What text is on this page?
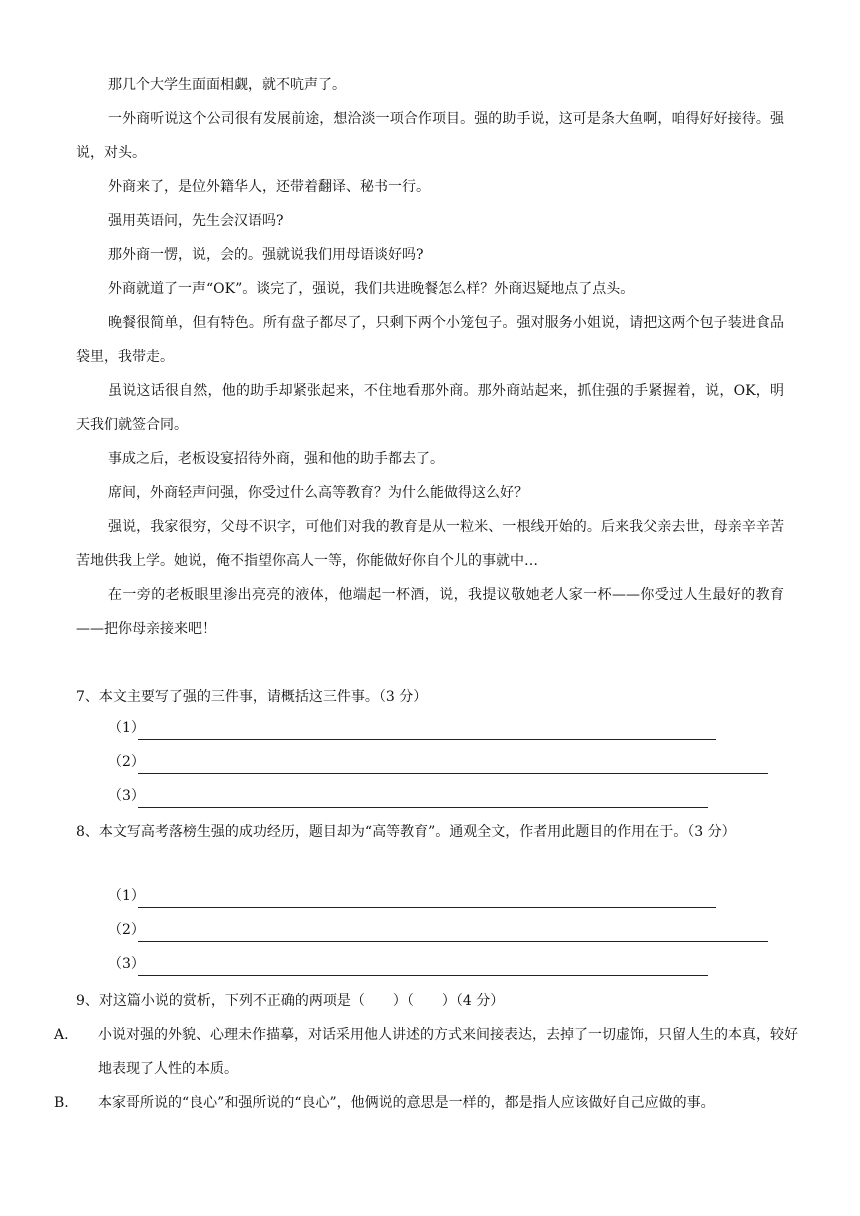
那几个大学生面面相觑，就不吭声了。

一外商听说这个公司很有发展前途，想洽淡一项合作项目。强的助手说，这可是条大鱼啊，咱得好好接待。强说，对头。

外商来了，是位外籍华人，还带着翻译、秘书一行。

强用英语问，先生会汉语吗?

那外商一愣，说，会的。强就说我们用母语谈好吗?

外商就道了一声“OK”。谈完了，强说，我们共进晚餐怎么样？外商迟疑地点了点头。

晚餐很简单，但有特色。所有盘子都尽了，只剩下两个小笼包子。强对服务小姐说，请把这两个包子装进食品袋里，我带走。

虽说这话很自然，他的助手却紧张起来，不住地看那外商。那外商站起来，抓住强的手紧握着，说，OK，明天我们就签合同。

事成之后，老板设宴招待外商，强和他的助手都去了。

席间，外商轻声问强，你受过什么高等教育？为什么能做得这么好？

强说，我家很穷，父母不识字，可他们对我的教育是从一粒米、一根线开始的。后来我父亲去世，母亲辛辛苦苦地供我上学。她说，俺不指望你高人一等，你能做好你自个儿的事就中…

在一旁的老板眼里渗出亮亮的液体，他端起一杯酒，说，我提议敬她老人家一杯——你受过人生最好的教育——把你母亲接来吧！

7、本文主要写了强的三件事，请概括这三件事。（3 分）

（1）
（2）
（3）

8、本文写高考落榜生强的成功经历，题目却为“高等教育”。通观全文，作者用此题目的作用在于。（3 分）

（1）
（2）
（3）

9、对这篇小说的赏析，下列不正确的两项是（　　）（　　）（4 分）

A. 小说对强的外貌、心理未作描摹，对话采用他人讲述的方式来间接表达，去掉了一切虚饰，只留人生的本真，较好地表现了人性的本质。

B. 本家哥所说的“良心”和强所说的“良心”，他俩说的意思是一样的，都是指人应该做好自己应做的事。
